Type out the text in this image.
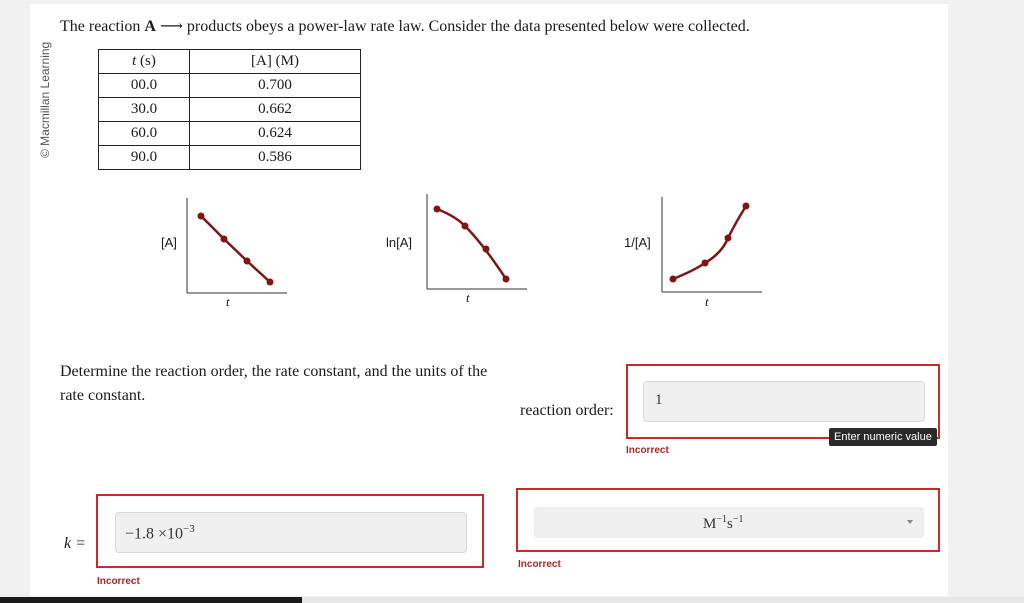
© Macmillan Learning
The reaction A ⟶ products obeys a power-law rate law. Consider the data presented below were collected.
t (s)	[A] (M)
00.0	0.700
30.0	0.662
60.0	0.624
90.0	0.586
[A]
t
ln[A]
t
1/[A]
t
Determine the reaction order, the rate constant, and the units of the rate constant.
reaction order:
1
Enter numeric value
Incorrect
k =
$-1.8 \times 10^{-3}$
Incorrect
$M^{-1}s^{-1}$
Incorrect
